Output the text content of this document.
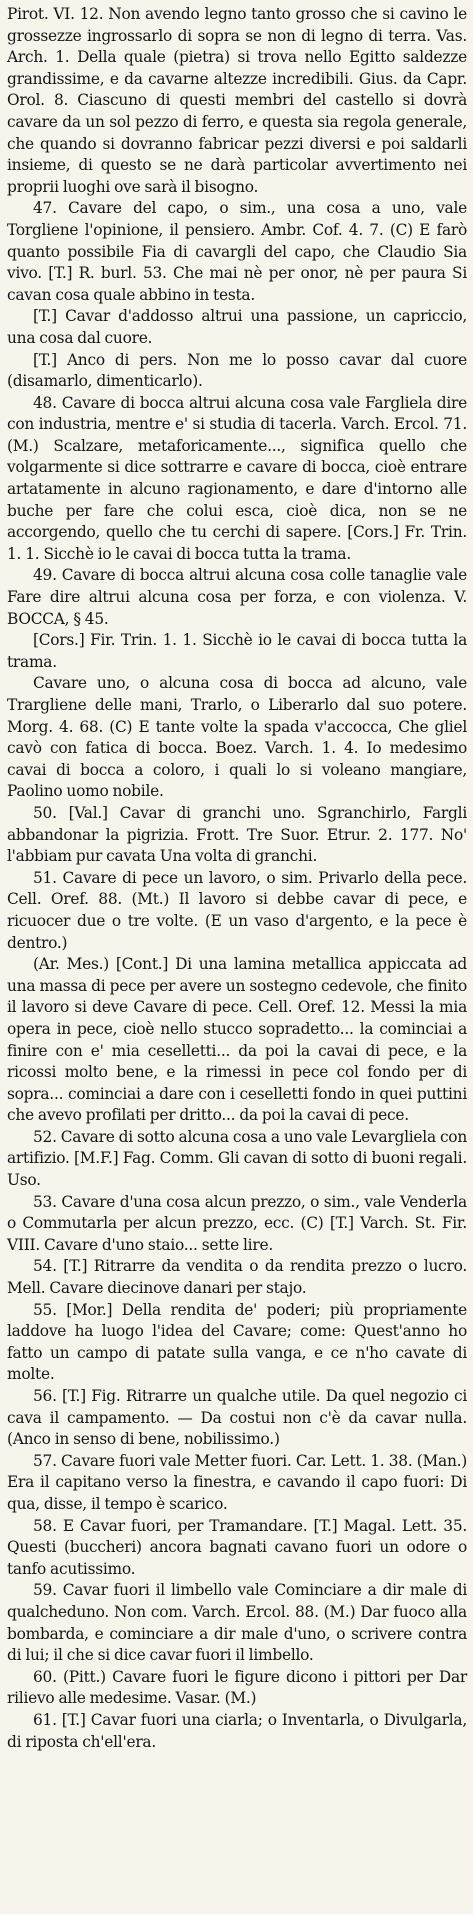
Pirot. VI. 12. Non avendo legno tanto grosso che si cavino le grossezze ingrossarlo di sopra se non di legno di terra. Vas. Arch. 1. Della quale (pietra) si trova nello Egitto saldezze grandissime, e da cavarne altezze incredibili. Gius. da Capr. Orol. 8. Ciascuno di questi membri del castello si dovrà cavare da un sol pezzo di ferro, e questa sia regola generale, che quando si dovranno fabricar pezzi diversi e poi saldarli insieme, di questo se ne darà particolar avvertimento nei proprii luoghi ove sarà il bisogno.

47. Cavare del capo, o sim., una cosa a uno, vale Torgliene l'opinione, il pensiero. Ambr. Cof. 4. 7. (C) E farò quanto possibile Fia di cavargli del capo, che Claudio Sia vivo. [T.] R. burl. 53. Che mai nè per onor, nè per paura Si cavan cosa quale abbino in testa.

[T.] Cavar d'addosso altrui una passione, un capriccio, una cosa dal cuore.

[T.] Anco di pers. Non me lo posso cavar dal cuore (disamarlo, dimenticarlo).

48. Cavare di bocca altrui alcuna cosa vale Fargliela dire con industria, mentre e' si studia di tacerla. Varch. Ercol. 71. (M.) Scalzare, metaforicamente..., significa quello che volgarmente si dice sottrarre e cavare di bocca, cioè entrare artatamente in alcuno ragionamento, e dare d'intorno alle buche per fare che colui esca, cioè dica, non se ne accorgendo, quello che tu cerchi di sapere. [Cors.] Fr. Trin. 1. 1. Sicchè io le cavai di bocca tutta la trama.

49. Cavare di bocca altrui alcuna cosa colle tanaglie vale Fare dire altrui alcuna cosa per forza, e con violenza. V. BOCCA, § 45.

[Cors.] Fir. Trin. 1. 1. Sicchè io le cavai di bocca tutta la trama.

Cavare uno, o alcuna cosa di bocca ad alcuno, vale Trargliene delle mani, Trarlo, o Liberarlo dal suo potere. Morg. 4. 68. (C) E tante volte la spada v'accocca, Che gliel cavò con fatica di bocca. Boez. Varch. 1. 4. Io medesimo cavai di bocca a coloro, i quali lo si voleano mangiare, Paolino uomo nobile.

50. [Val.] Cavar di granchi uno. Sgranchirlo, Fargli abbandonar la pigrizia. Frott. Tre Suor. Etrur. 2. 177. No' l'abbiam pur cavata Una volta di granchi.

51. Cavare di pece un lavoro, o sim. Privarlo della pece. Cell. Oref. 88. (Mt.) Il lavoro si debbe cavar di pece, e ricuocer due o tre volte. (E un vaso d'argento, e la pece è dentro.)

(Ar. Mes.) [Cont.] Di una lamina metallica appiccata ad una massa di pece per avere un sostegno cedevole, che finito il lavoro si deve Cavare di pece. Cell. Oref. 12. Messi la mia opera in pece, cioè nello stucco sopradetto... la cominciai a finire con e' mia ceselletti... da poi la cavai di pece, e la ricossi molto bene, e la rimessi in pece col fondo per di sopra... cominciai a dare con i ceselletti fondo in quei puttini che avevo profilati per dritto... da poi la cavai di pece.

52. Cavare di sotto alcuna cosa a uno vale Levargliela con artifizio. [M.F.] Fag. Comm. Gli cavan di sotto di buoni regali. Uso.

53. Cavare d'una cosa alcun prezzo, o sim., vale Venderla o Commutarla per alcun prezzo, ecc. (C) [T.] Varch. St. Fir. VIII. Cavare d'uno staio... sette lire.

54. [T.] Ritrarre da vendita o da rendita prezzo o lucro. Mell. Cavare diecinove danari per stajo.

55. [Mor.] Della rendita de' poderi; più propriamente laddove ha luogo l'idea del Cavare; come: Quest'anno ho fatto un campo di patate sulla vanga, e ce n'ho cavate di molte.

56. [T.] Fig. Ritrarre un qualche utile. Da quel negozio ci cava il campamento. — Da costui non c'è da cavar nulla. (Anco in senso di bene, nobilissimo.)

57. Cavare fuori vale Metter fuori. Car. Lett. 1. 38. (Man.) Era il capitano verso la finestra, e cavando il capo fuori: Di qua, disse, il tempo è scarico.

58. E Cavar fuori, per Tramandare. [T.] Magal. Lett. 35. Questi (buccheri) ancora bagnati cavano fuori un odore o tanfo acutissimo.

59. Cavar fuori il limbello vale Cominciare a dir male di qualcheduno. Non com. Varch. Ercol. 88. (M.) Dar fuoco alla bombarda, e cominciare a dir male d'uno, o scrivere contra di lui; il che si dice cavar fuori il limbello.

60. (Pitt.) Cavare fuori le figure dicono i pittori per Dar rilievo alle medesime. Vasar. (M.)

61. [T.] Cavar fuori una ciarla; o Inventarla, o Divulgarla, di riposta ch'ell'era.
